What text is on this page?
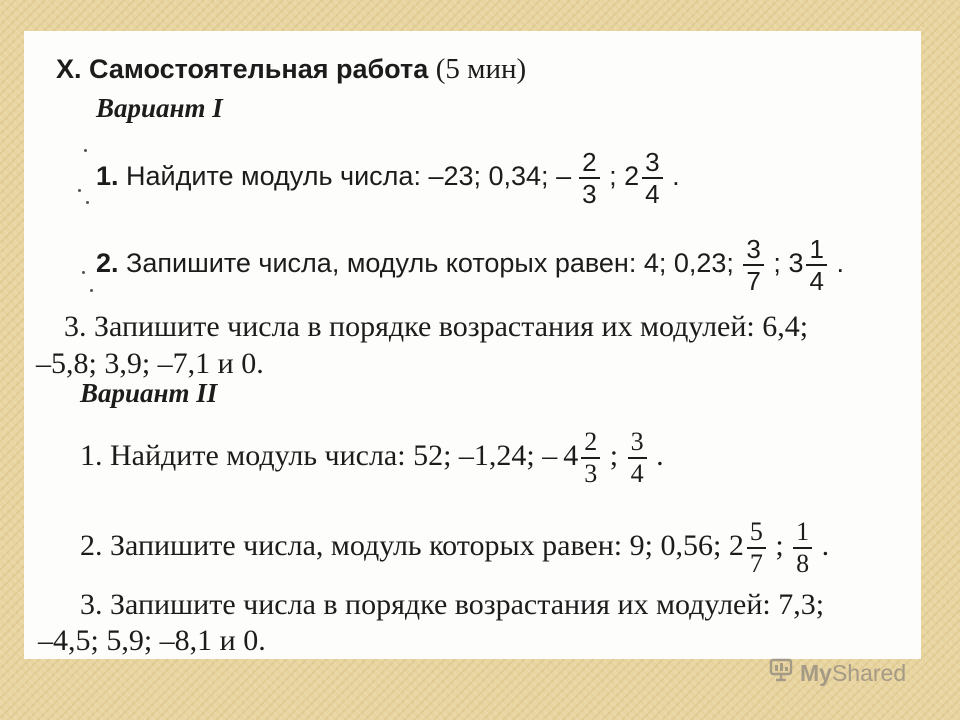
X. Самостоятельная работа (5 мин)
Вариант I
1. Найдите модуль числа: –23; 0,34; – $\frac{2}{3}$ ; $2 \frac{3}{4}$ .
2. Запишите числа, модуль которых равен: 4; 0,23; $\frac{3}{7}$ ; $3 \frac{1}{4}$ .
3. Запишите числа в порядке возрастания их модулей: 6,4;
–5,8; 3,9; –7,1 и 0.
Вариант II
1. Найдите модуль числа: 52; –1,24; – $4 \frac{2}{3}$ ; $\frac{3}{4}$ .
2. Запишите числа, модуль которых равен: 9; 0,56; $2 \frac{5}{7}$ ; $\frac{1}{8}$ .
3. Запишите числа в порядке возрастания их модулей: 7,3;
–4,5; 5,9; –8,1 и 0.
My Shared
